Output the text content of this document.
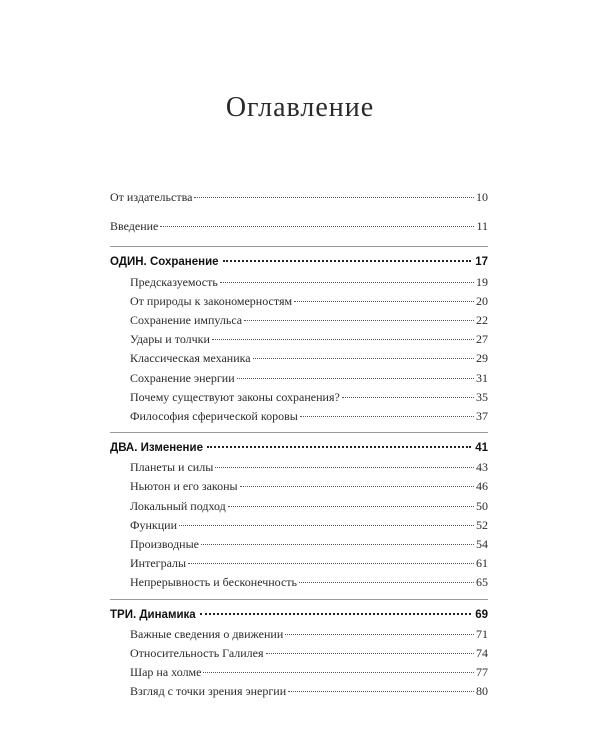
Оглавление
От издательства	10
Введение	11
ОДИН. Сохранение	17
Предсказуемость	19
От природы к закономерностям	20
Сохранение импульса	22
Удары и толчки	27
Классическая механика	29
Сохранение энергии	31
Почему существуют законы сохранения?	35
Философия сферической коровы	37
ДВА. Изменение	41
Планеты и силы	43
Ньютон и его законы	46
Локальный подход	50
Функции	52
Производные	54
Интегралы	61
Непрерывность и бесконечность	65
ТРИ. Динамика	69
Важные сведения о движении	71
Относительность Галилея	74
Шар на холме	77
Взгляд с точки зрения энергии	80
